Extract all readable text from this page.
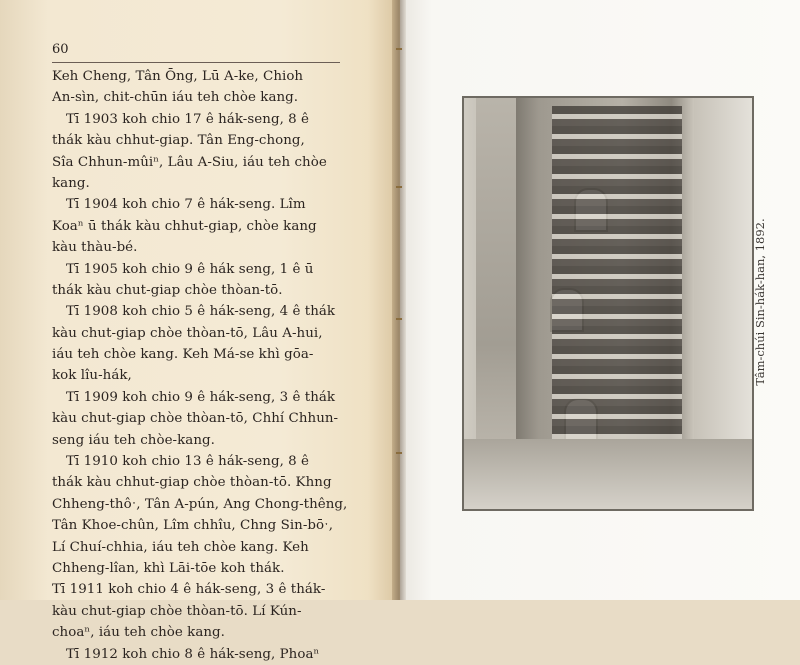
60
Keh Cheng, Tân Ōng, Lū A-ke, Chioh
An-sìn, chit-chūn iáu teh chòe kang.
Tī 1903 koh chio 17 ê hák-seng, 8 ê
thák kàu chhut-giap. Tân Eng-chong,
Sîa Chhun-mûiⁿ, Lâu A-Siu, iáu teh chòe
kang.
Tī 1904 koh chio 7 ê hák-seng. Lîm
Koaⁿ ū thák kàu chhut-giap, chòe kang
kàu thàu-bé.
Tī 1905 koh chio 9 ê hák seng, 1 ê ū
thák kàu chut-giap chòe thòan-tō.
Tī 1908 koh chio 5 ê hák-seng, 4 ê thák
kàu chut-giap chòe thòan-tō, Lâu A-hui,
iáu teh chòe kang. Keh Má-se khì gōa-
kok lîu-hák,
Tī 1909 koh chio 9 ê hák-seng, 3 ê thák
kàu chut-giap chòe thòan-tō, Chhí Chhun-
seng iáu teh chòe-kang.
Tī 1910 koh chio 13 ê hák-seng, 8 ê
thák kàu chhut-giap chòe thòan-tō. Khng
Chheng-thôˑ, Tân A-pún, Ang Chong-thêng,
Tân Khoe-chûn, Lîm chhîu, Chng Sin-bōˑ,
Lí Chuí-chhia, iáu teh chòe kang. Keh
Chheng-lîan, khì Lāi-tōe koh thák.
Tī 1911 koh chio 4 ê hák-seng, 3 ê thák-
kàu chut-giap chòe thòan-tō. Lí Kún-
choaⁿ, iáu teh chòe kang.
Tī 1912 koh chio 8 ê hák-seng, Phoaⁿ
Tâm-chúi Sin-hák-han, 1892.
